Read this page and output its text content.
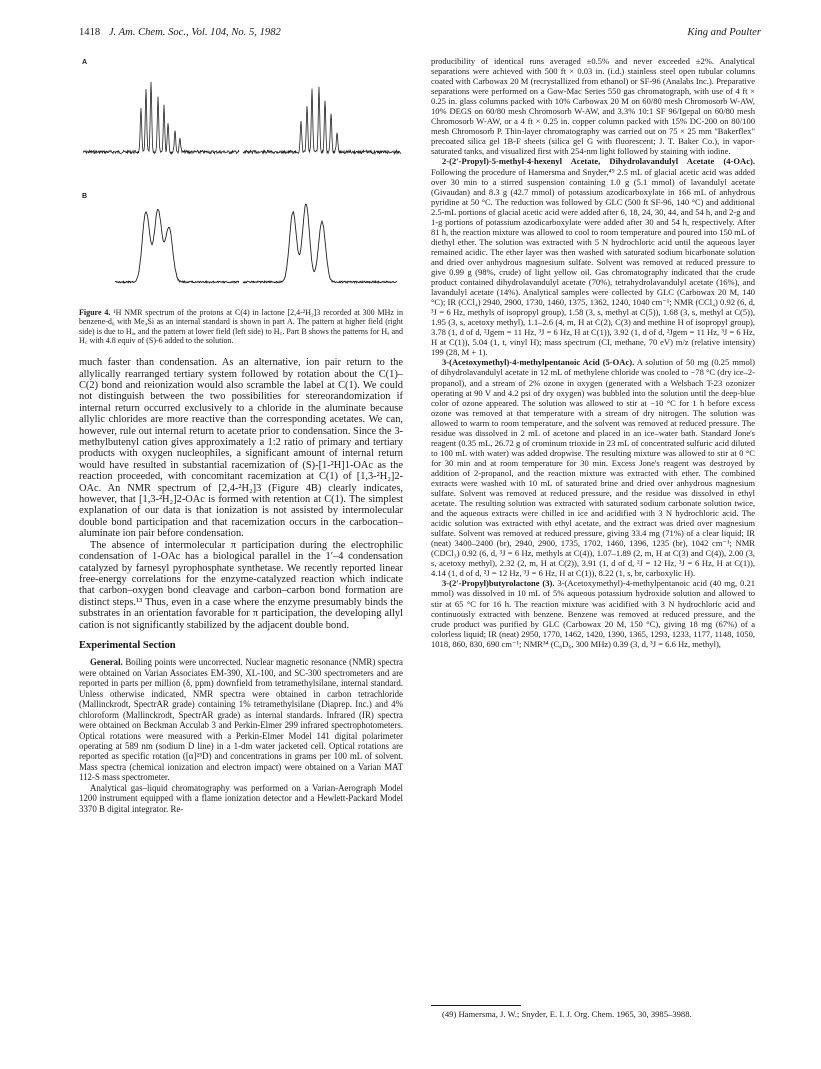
1418 J. Am. Chem. Soc., Vol. 104, No. 5, 1982	King and Poulter
A
B
Figure 4. ¹H NMR spectrum of the protons at C(4) in lactone [2,4-²H₂]3 recorded at 300 MHz in benzene-d₆ with Me₄Si as an internal standard is shown in part A. The pattern at higher field (right side) is due to Hₐ, and the pattern at lower field (left side) to H꜀. Part B shows the patterns for Hₐ and H꜀ with 4.8 equiv of (S)-6 added to the solution.

much faster than condensation. As an alternative, ion pair return to the allylically rearranged tertiary system followed by rotation about the C(1)–C(2) bond and reionization would also scramble the label at C(1). We could not distinguish between the two possibilities for stereorandomization if internal return occurred exclusively to a chloride in the aluminate because allylic chlorides are more reactive than the corresponding acetates. We can, however, rule out internal return to acetate prior to condensation. Since the 3-methylbutenyl cation gives approximately a 1:2 ratio of primary and tertiary products with oxygen nucleophiles, a significant amount of internal return would have resulted in substantial racemization of (S)-[1-²H]1-OAc as the reaction proceeded, with concomitant racemization at C(1) of [1,3-²H₂]2-OAc. An NMR spectrum of [2,4-²H₂]3 (Figure 4B) clearly indicates, however, that [1,3-²H₂]2-OAc is formed with retention at C(1). The simplest explanation of our data is that ionization is not assisted by intermolecular double bond participation and that racemization occurs in the carbocation–aluminate ion pair before condensation.

The absence of intermolecular π participation during the electrophilic condensation of 1-OAc has a biological parallel in the 1′–4 condensation catalyzed by farnesyl pyrophosphate synthetase. We recently reported linear free-energy correlations for the enzyme-catalyzed reaction which indicate that carbon–oxygen bond cleavage and carbon–carbon bond formation are distinct steps.¹³ Thus, even in a case where the enzyme presumably binds the substrates in an orientation favorable for π participation, the developing allyl cation is not significantly stabilized by the adjacent double bond.

Experimental Section

General. Boiling points were uncorrected. Nuclear magnetic resonance (NMR) spectra were obtained on Varian Associates EM-390, XL-100, and SC-300 spectrometers and are reported in parts per million (δ, ppm) downfield from tetramethylsilane, internal standard. Unless otherwise indicated, NMR spectra were obtained in carbon tetrachloride (Mallinckrodt, SpectrAR grade) containing 1% tetramethylsilane (Diaprep. Inc.) and 4% chloroform (Mallinckrodt, SpectrAR grade) as internal standards. Infrared (IR) spectra were obtained on Beckman Acculab 3 and Perkin-Elmer 299 infrared spectrophotometers. Optical rotations were measured with a Perkin-Elmer Model 141 digital polarimeter operating at 589 nm (sodium D line) in a 1-dm water jacketed cell. Optical rotations are reported as specific rotation ([α]²⁵D) and concentrations in grams per 100 mL of solvent. Mass spectra (chemical ionization and electron impact) were obtained on a Varian MAT 112-S mass spectrometer.

Analytical gas–liquid chromatography was performed on a Varian-Aerograph Model 1200 instrument equipped with a flame ionization detector and a Hewlett-Packard Model 3370 B digital integrator. Re-

producibility of identical runs averaged ±0.5% and never exceeded ±2%. Analytical separations were achieved with 500 ft × 0.03 in. (i.d.) stainless steel open tubular columns coated with Carbowax 20 M (recrystallized from ethanol) or SF-96 (Analabs Inc.). Preparative separations were performed on a Gow-Mac Series 550 gas chromatograph, with use of 4 ft × 0.25 in. glass columns packed with 10% Carbowax 20 M on 60/80 mesh Chromosorb W-AW, 10% DEGS on 60/80 mesh Chromosorb W-AW, and 3.3% 10:1 SF 96/Igepal on 60/80 mesh Chromosorb W-AW, or a 4 ft × 0.25 in. copper column packed with 15% DC-200 on 80/100 mesh Chromosorb P. Thin-layer chromatography was carried out on 75 × 25 mm "Bakerflex" precoated silica gel 1B-F sheets (silica gel G with fluorescent; J. T. Baker Co.), in vapor-saturated tanks, and visualized first with 254-nm light followed by staining with iodine.

2-(2′-Propyl)-5-methyl-4-hexenyl Acetate, Dihydrolavandulyl Acetate (4-OAc). Following the procedure of Hamersma and Snyder,⁴⁹ 2.5 mL of glacial acetic acid was added over 30 min to a stirred suspension containing 1.0 g (5.1 mmol) of lavandulyl acetate (Givaudan) and 8.3 g (42.7 mmol) of potassium azodicarboxylate in 166 mL of anhydrous pyridine at 50 °C. The reduction was followed by GLC (500 ft SF-96, 140 °C) and additional 2.5-mL portions of glacial acetic acid were added after 6, 18, 24, 30, 44, and 54 h, and 2-g and 1-g portions of potassium azodicarboxylate were added after 30 and 54 h, respectively. After 81 h, the reaction mixture was allowed to cool to room temperature and poured into 150 mL of diethyl ether. The solution was extracted with 5 N hydrochloric acid until the aqueous layer remained acidic. The ether layer was then washed with saturated sodium bicarbonate solution and dried over anhydrous magnesium sulfate. Solvent was removed at reduced pressure to give 0.99 g (98%, crude) of light yellow oil. Gas chromatography indicated that the crude product contained dihydrolavandulyl acetate (70%), tetrahydrolavandulyl acetate (16%), and lavandulyl acetate (14%). Analytical samples were collected by GLC (Carbowax 20 M, 140 °C); IR (CCl₄) 2940, 2900, 1730, 1460, 1375, 1362, 1240, 1040 cm⁻¹; NMR (CCl₄) 0.92 (6, d, ³J = 6 Hz, methyls of isopropyl group), 1.58 (3, s, methyl at C(5)), 1.68 (3, s, methyl at C(5)), 1.95 (3, s, acetoxy methyl), 1.1–2.6 (4, m, H at C(2), C(3) and methine H of isopropyl group), 3.78 (1, d of d, ²Jgem = 11 Hz, ³J = 6 Hz, H at C(1)), 3.92 (1, d of d, ²Jgem = 11 Hz, ³J = 6 Hz, H at C(1)), 5.04 (1, t, vinyl H); mass spectrum (CI, methane, 70 eV) m/z (relative intensity) 199 (28, M + 1).

3-(Acetoxymethyl)-4-methylpentanoic Acid (5-OAc). A solution of 50 mg (0.25 mmol) of dihydrolavandulyl acetate in 12 mL of methylene chloride was cooled to −78 °C (dry ice–2-propanol), and a stream of 2% ozone in oxygen (generated with a Welsbach T-23 ozonizer operating at 90 V and 4.2 psi of dry oxygen) was bubbled into the solution until the deep-blue color of ozone appeared. The solution was allowed to stir at −10 °C for 1 h before excess ozone was removed at that temperature with a stream of dry nitrogen. The solution was allowed to warm to room temperature, and the solvent was removed at reduced pressure. The residue was dissolved in 2 mL of acetone and placed in an ice–water bath. Standard Jone's reagent (0.35 mL, 26.72 g of crominum trioxide in 23 mL of concentrated sulfuric acid diluted to 100 mL with water) was added dropwise. The resulting mixture was allowed to stir at 0 °C for 30 min and at room temperature for 30 min. Excess Jone's reagent was destroyed by addition of 2-propanol, and the reaction mixture was extracted with ether. The combined extracts were washed with 10 mL of saturated brine and dried over anhydrous magnesium sulfate. Solvent was removed at reduced pressure, and the residue was dissolved in ethyl acetate. The resulting solution was extracted with saturated sodium carbonate solution twice, and the aqueous extracts were chilled in ice and acidified with 3 N hydrochloric acid. The acidic solution was extracted with ethyl acetate, and the extract was dried over magnesium sulfate. Solvent was removed at reduced pressure, giving 33.4 mg (71%) of a clear liquid; IR (neat) 3400–2400 (br), 2940, 2900, 1735, 1702, 1460, 1396, 1235 (br), 1042 cm⁻¹; NMR (CDCl₃) 0.92 (6, d, ³J = 6 Hz, methyls at C(4)), 1.07–1.89 (2, m, H at C(3) and C(4)), 2.00 (3, s, acetoxy methyl), 2.32 (2, m, H at C(2)), 3.91 (1, d of d, ²J = 12 Hz, ³J = 6 Hz, H at C(1)), 4.14 (1, d of d, ²J = 12 Hz, ³J = 6 Hz, H at C(1)), 8.22 (1, s, br, carboxylic H).

3-(2′-Propyl)butyrolactone (3). 3-(Acetoxymethyl)-4-methylpentanoic acid (40 mg, 0.21 mmol) was dissolved in 10 mL of 5% aqueous potassium hydroxide solution and allowed to stir at 65 °C for 16 h. The reaction mixture was acidified with 3 N hydrochloric acid and continuously extracted with benzene. Benzene was removed at reduced pressure, and the crude product was purified by GLC (Carbowax 20 M, 150 °C), giving 18 mg (67%) of a colorless liquid; IR (neat) 2950, 1770, 1462, 1420, 1390, 1365, 1293, 1233, 1177, 1148, 1050, 1018, 860, 830, 690 cm⁻¹; NMR³⁴ (C₆D₆, 300 MHz) 0.39 (3, d, ³J = 6.6 Hz, methyl),

(49) Hamersma, J. W.; Snyder, E. I. J. Org. Chem. 1965, 30, 3985–3988.
